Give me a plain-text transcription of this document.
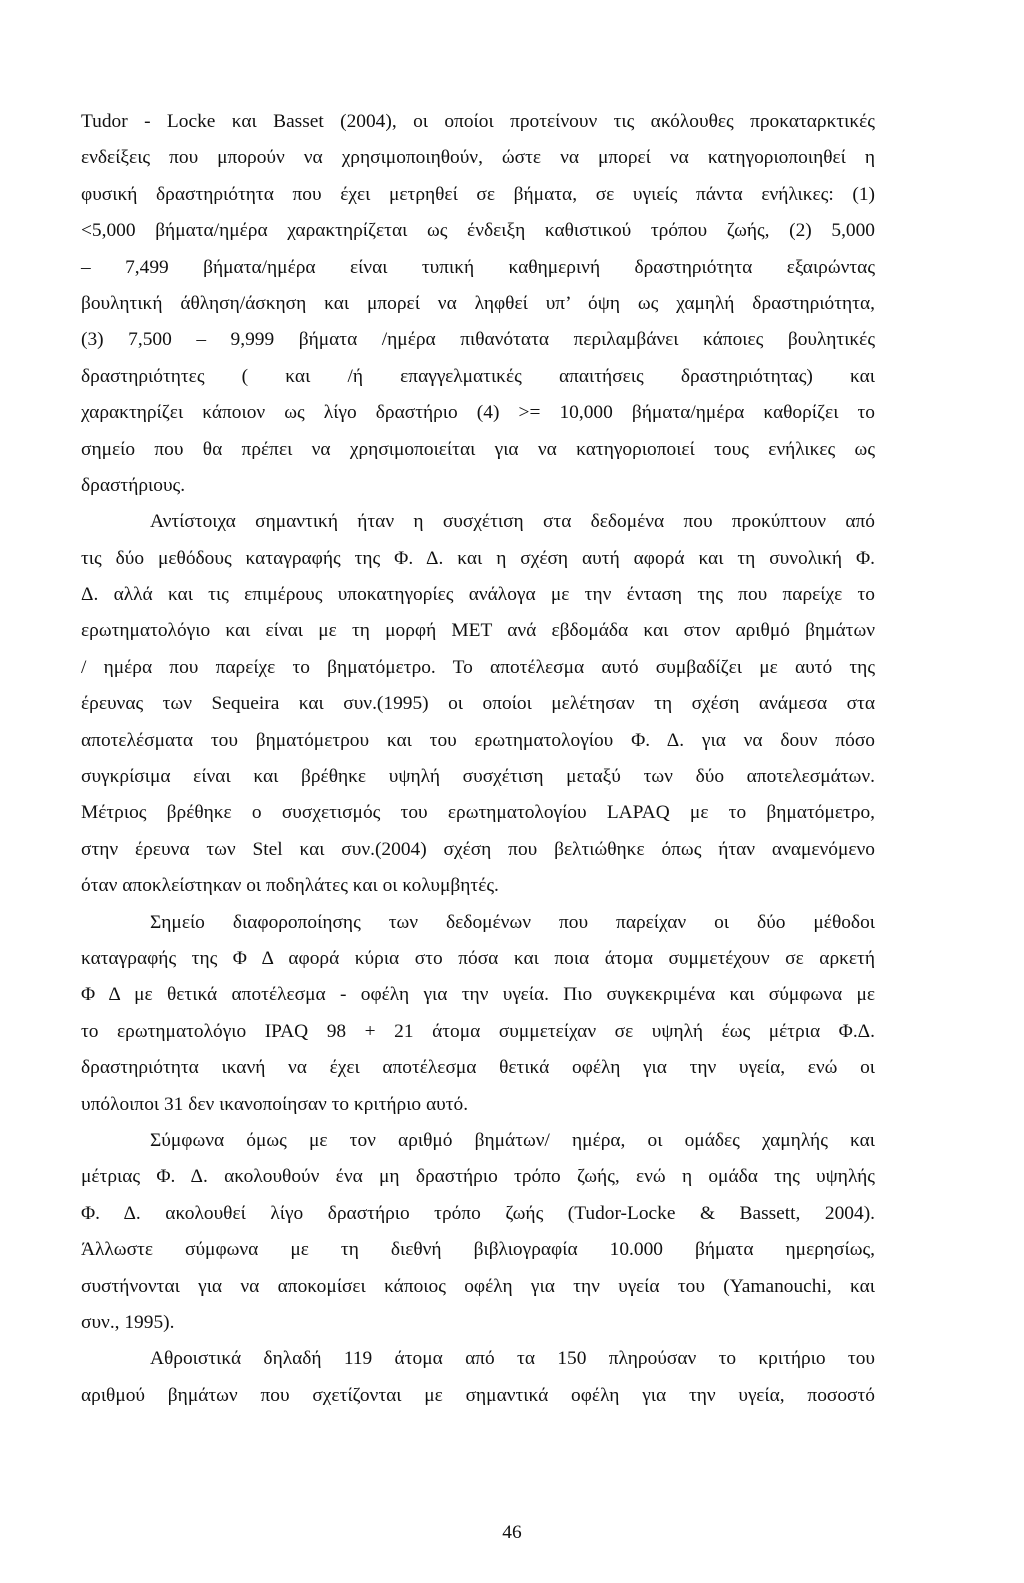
Tudor - Locke και Basset (2004), οι οποίοι προτείνουν τις ακόλουθες προκαταρκτικές
ενδείξεις που μπορούν να χρησιμοποιηθούν, ώστε να μπορεί να κατηγοριοποιηθεί η
φυσική δραστηριότητα που έχει μετρηθεί σε βήματα, σε υγιείς πάντα ενήλικες: (1)
<5,000 βήματα/ημέρα χαρακτηρίζεται ως ένδειξη καθιστικού τρόπου ζωής, (2) 5,000
– 7,499 βήματα/ημέρα είναι τυπική καθημερινή δραστηριότητα εξαιρώντας
βουλητική άθληση/άσκηση και μπορεί να ληφθεί υπ’ όψη ως χαμηλή δραστηριότητα,
(3) 7,500 – 9,999 βήματα /ημέρα πιθανότατα περιλαμβάνει κάποιες βουλητικές
δραστηριότητες ( και /ή επαγγελματικές απαιτήσεις δραστηριότητας) και
χαρακτηρίζει κάποιον ως λίγο δραστήριο (4) >= 10,000 βήματα/ημέρα καθορίζει το
σημείο που θα πρέπει να χρησιμοποιείται για να κατηγοριοποιεί τους ενήλικες ως
δραστήριους.
Αντίστοιχα σημαντική ήταν η συσχέτιση στα δεδομένα που προκύπτουν από
τις δύο μεθόδους καταγραφής της Φ. Δ. και η σχέση αυτή αφορά και τη συνολική Φ.
Δ. αλλά και τις επιμέρους υποκατηγορίες ανάλογα με την ένταση της που παρείχε το
ερωτηματολόγιο και είναι με τη μορφή MET ανά εβδομάδα και στον αριθμό βημάτων
/ ημέρα που παρείχε το βηματόμετρο. Το αποτέλεσμα αυτό συμβαδίζει με αυτό της
έρευνας των Sequeira και συν.(1995) οι οποίοι μελέτησαν τη σχέση ανάμεσα στα
αποτελέσματα του βηματόμετρου και του ερωτηματολογίου Φ. Δ. για να δουν πόσο
συγκρίσιμα είναι και βρέθηκε υψηλή συσχέτιση μεταξύ των δύο αποτελεσμάτων.
Μέτριος βρέθηκε ο συσχετισμός του ερωτηματολογίου LAPAQ με το βηματόμετρο,
στην έρευνα των Stel και συν.(2004) σχέση που βελτιώθηκε όπως ήταν αναμενόμενο
όταν αποκλείστηκαν οι ποδηλάτες και οι κολυμβητές.
Σημείο διαφοροποίησης των δεδομένων που παρείχαν οι δύο μέθοδοι
καταγραφής της Φ Δ αφορά κύρια στο πόσα και ποια άτομα συμμετέχουν σε αρκετή
Φ Δ με θετικά αποτέλεσμα - οφέλη για την υγεία. Πιο συγκεκριμένα και σύμφωνα με
το ερωτηματολόγιο IPAQ 98 + 21 άτομα συμμετείχαν σε υψηλή έως μέτρια Φ.Δ.
δραστηριότητα ικανή να έχει αποτέλεσμα θετικά οφέλη για την υγεία, ενώ οι
υπόλοιποι 31 δεν ικανοποίησαν το κριτήριο αυτό.
Σύμφωνα όμως με τον αριθμό βημάτων/ ημέρα, οι ομάδες χαμηλής και
μέτριας Φ. Δ. ακολουθούν ένα μη δραστήριο τρόπο ζωής, ενώ η ομάδα της υψηλής
Φ. Δ. ακολουθεί λίγο δραστήριο τρόπο ζωής (Tudor-Locke & Bassett, 2004).
Άλλωστε σύμφωνα με τη διεθνή βιβλιογραφία 10.000 βήματα ημερησίως,
συστήνονται για να αποκομίσει κάποιος οφέλη για την υγεία του (Yamanouchi, και
συν., 1995).
Αθροιστικά δηλαδή 119 άτομα από τα 150 πληρούσαν το κριτήριο του
αριθμού βημάτων που σχετίζονται με σημαντικά οφέλη για την υγεία, ποσοστό
46
